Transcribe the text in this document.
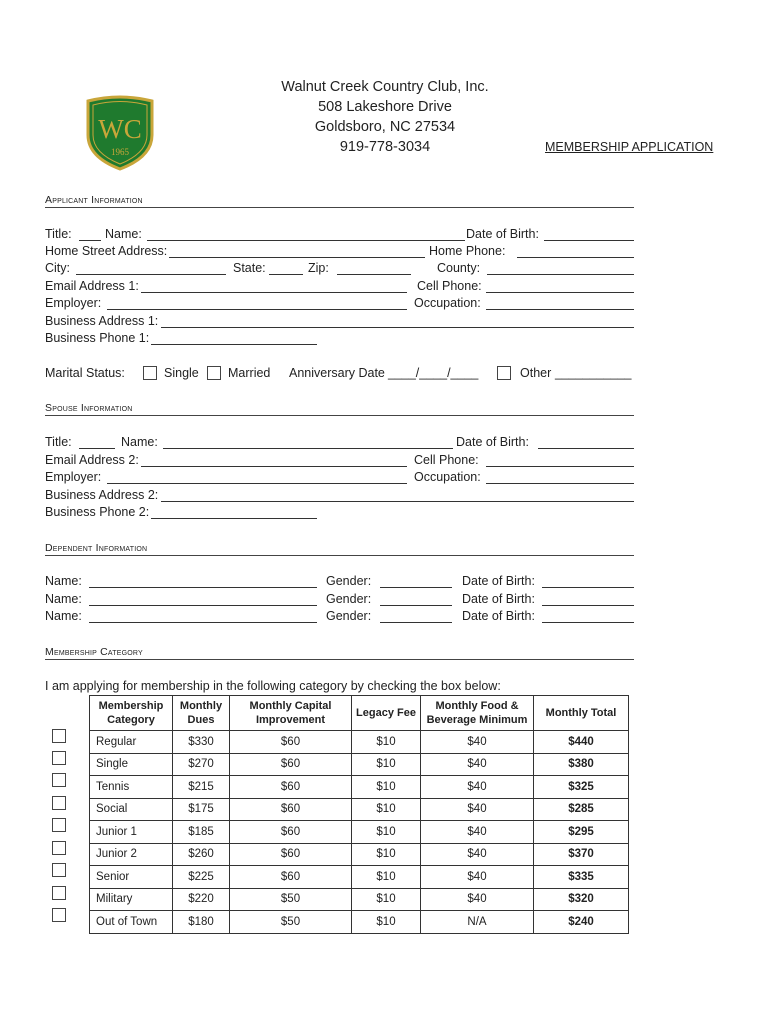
WC
1965
Walnut Creek Country Club, Inc.
508 Lakeshore Drive
Goldsboro, NC 27534
919-778-3034	MEMBERSHIP APPLICATION
Applicant Information
Title:	Name:	Date of Birth:
Home Street Address:	Home Phone:
City:	State:	Zip:	County:
Email Address 1:	Cell Phone:
Employer:	Occupation:
Business Address 1:
Business Phone 1:
Marital Status:	Single Married Anniversary Date ____/____/____	Other ___________
Spouse Information
Title:	Name:	Date of Birth:
Email Address 2:	Cell Phone:
Employer:	Occupation:
Business Address 2:
Business Phone 2:
Dependent Information
Name:	Gender:	Date of Birth:
Name:	Gender:	Date of Birth:
Name:	Gender:	Date of Birth:
Membership Category
I am applying for membership in the following category by checking the box below:
Membership Category	Monthly Dues	Monthly Capital Improvement	Legacy Fee	Monthly Food & Beverage Minimum	Monthly Total
Regular	$330	$60	$10	$40	$440
Single	$270	$60	$10	$40	$380
Tennis	$215	$60	$10	$40	$325
Social	$175	$60	$10	$40	$285
Junior 1	$185	$60	$10	$40	$295
Junior 2	$260	$60	$10	$40	$370
Senior	$225	$60	$10	$40	$335
Military	$220	$50	$10	$40	$320
Out of Town	$180	$50	$10	N/A	$240
